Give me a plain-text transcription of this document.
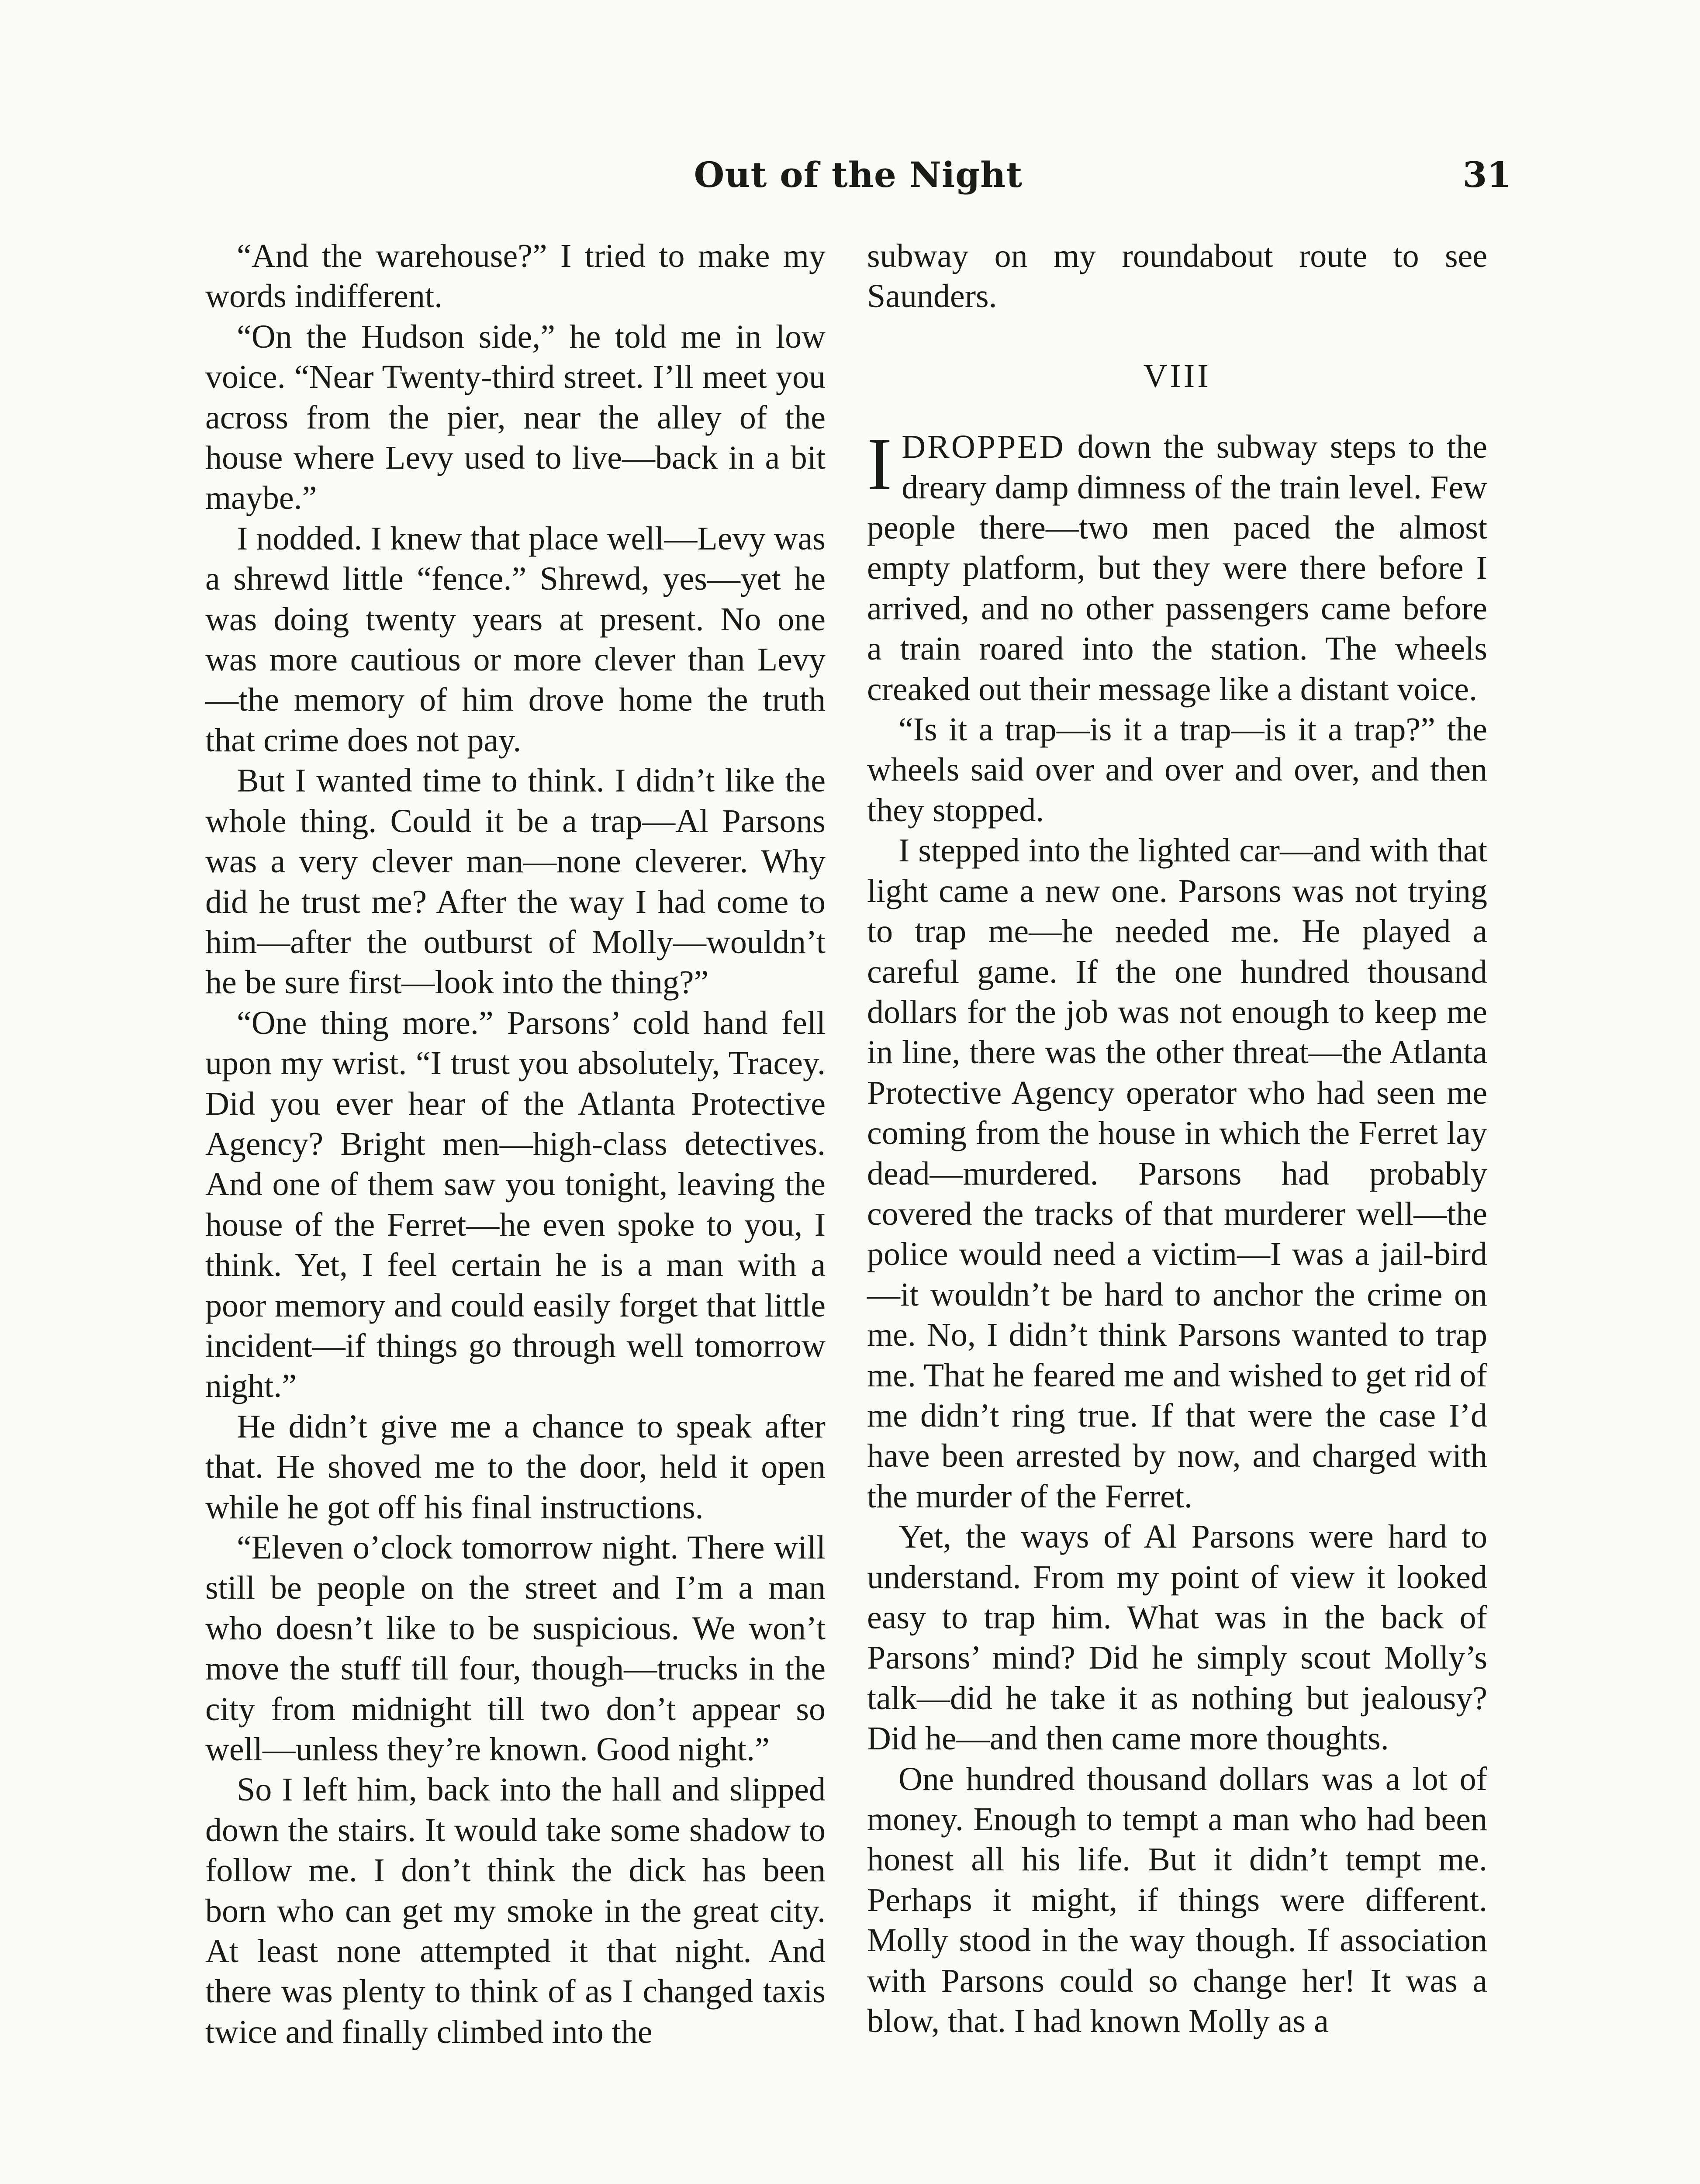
Out of the Night	31

“And the warehouse?” I tried to make my words indifferent.

“On the Hudson side,” he told me in low voice. “Near Twenty-third street. I’ll meet you across from the pier, near the alley of the house where Levy used to live—back in a bit maybe.”

I nodded. I knew that place well—Levy was a shrewd little “fence.” Shrewd, yes—yet he was doing twenty years at present. No one was more cautious or more clever than Levy—the memory of him drove home the truth that crime does not pay.

But I wanted time to think. I didn’t like the whole thing. Could it be a trap—Al Parsons was a very clever man—none cleverer. Why did he trust me? After the way I had come to him—after the outburst of Molly—wouldn’t he be sure first—look into the thing?”

“One thing more.” Parsons’ cold hand fell upon my wrist. “I trust you absolutely, Tracey. Did you ever hear of the Atlanta Protective Agency? Bright men—high-class detectives. And one of them saw you tonight, leaving the house of the Ferret—he even spoke to you, I think. Yet, I feel certain he is a man with a poor memory and could easily forget that little incident—if things go through well tomorrow night.”

He didn’t give me a chance to speak after that. He shoved me to the door, held it open while he got off his final instructions.

“Eleven o’clock tomorrow night. There will still be people on the street and I’m a man who doesn’t like to be suspicious. We won’t move the stuff till four, though—trucks in the city from midnight till two don’t appear so well—unless they’re known. Good night.”

So I left him, back into the hall and slipped down the stairs. It would take some shadow to follow me. I don’t think the dick has been born who can get my smoke in the great city. At least none attempted it that night. And there was plenty to think of as I changed taxis twice and finally climbed into the

subway on my roundabout route to see Saunders.

VIII

IDROPPED down the subway steps to the dreary damp dimness of the train level. Few people there—two men paced the almost empty platform, but they were there before I arrived, and no other passengers came before a train roared into the station. The wheels creaked out their message like a distant voice.

“Is it a trap—is it a trap—is it a trap?” the wheels said over and over and over, and then they stopped.

I stepped into the lighted car—and with that light came a new one. Parsons was not trying to trap me—he needed me. He played a careful game. If the one hundred thousand dollars for the job was not enough to keep me in line, there was the other threat—the Atlanta Protective Agency operator who had seen me coming from the house in which the Ferret lay dead—murdered. Parsons had probably covered the tracks of that murderer well—the police would need a victim—I was a jail-bird—it wouldn’t be hard to anchor the crime on me. No, I didn’t think Parsons wanted to trap me. That he feared me and wished to get rid of me didn’t ring true. If that were the case I’d have been arrested by now, and charged with the murder of the Ferret.

Yet, the ways of Al Parsons were hard to understand. From my point of view it looked easy to trap him. What was in the back of Parsons’ mind? Did he simply scout Molly’s talk—did he take it as nothing but jealousy? Did he—and then came more thoughts.

One hundred thousand dollars was a lot of money. Enough to tempt a man who had been honest all his life. But it didn’t tempt me. Perhaps it might, if things were different. Molly stood in the way though. If association with Parsons could so change her! It was a blow, that. I had known Molly as a
